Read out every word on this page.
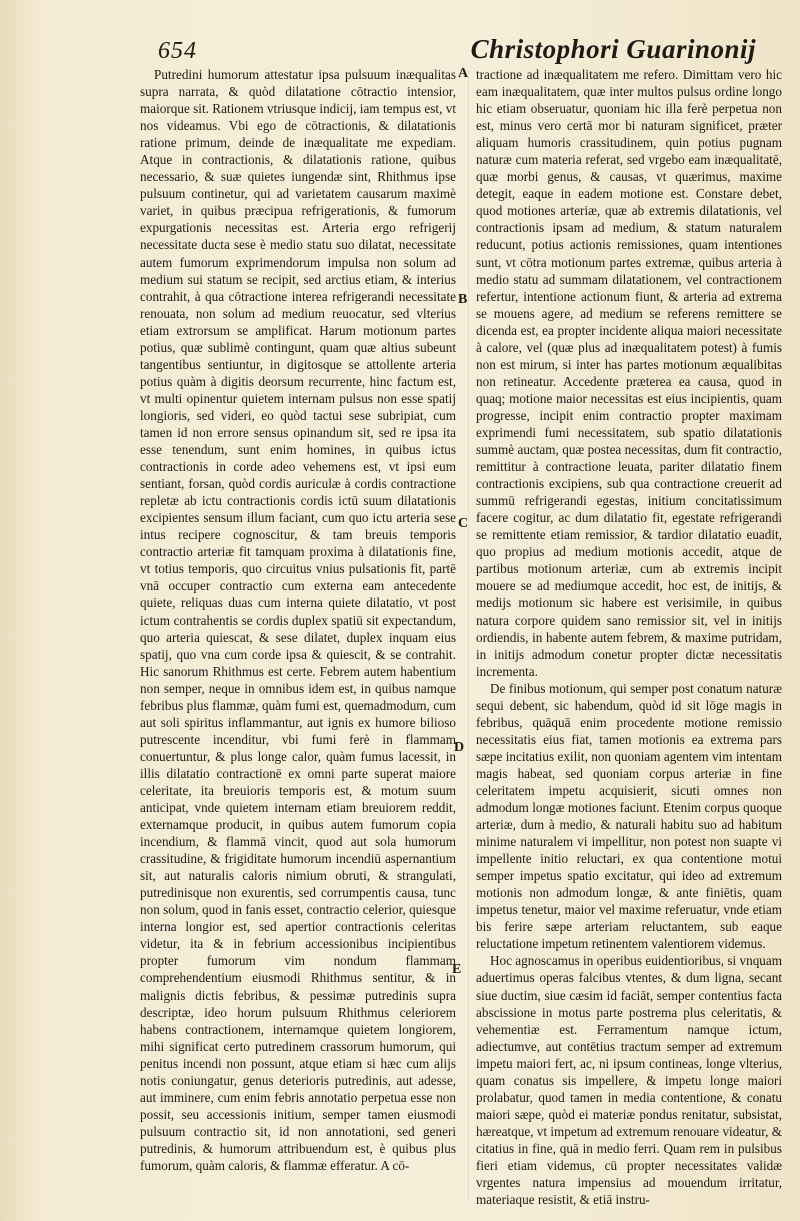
654	Christophori Guarinonij
A
B
C
D
E

Putredini humorum attestatur ipsa pulsuum inæqualitas supra narrata, & quòd dilatatione cōtractio intensior, maiorque sit. Rationem vtriusque indicij, iam tempus est, vt nos videamus. Vbi ego de cōtractionis, & dilatationis ratione primum, deinde de inæqualitate me expediam. Atque in contractionis, & dilatationis ratione, quibus necessario, & suæ quietes iungendæ sint, Rhithmus ipse pulsuum continetur, qui ad varietatem causarum maximè variet, in quibus præcipua refrigerationis, & fumorum expurgationis necessitas est. Arteria ergo refrigerij necessitate ducta sese è medio statu suo dilatat, necessitate autem fumorum exprimendorum impulsa non solum ad medium sui statum se recipit, sed arctius etiam, & interius contrahit, à qua cōtractione interea refrigerandi necessitate renouata, non solum ad medium reuocatur, sed vlterius etiam extrorsum se amplificat. Harum motionum partes potius, quæ sublimè contingunt, quam quæ altius subeunt tangentibus sentiuntur, in digitosque se attollente arteria potius quàm à digitis deorsum recurrente, hinc factum est, vt multi opinentur quietem internam pulsus non esse spatij longioris, sed videri, eo quòd tactui sese subripiat, cum tamen id non errore sensus opinandum sit, sed re ipsa ita esse tenendum, sunt enim homines, in quibus ictus contractionis in corde adeo vehemens est, vt ipsi eum sentiant, forsan, quòd cordis auriculæ à cordis contractione repletæ ab ictu contractionis cordis ictū suum dilatationis excipientes sensum illum faciant, cum quo ictu arteria sese intus recipere cognoscitur, & tam breuis temporis contractio arteriæ fit tamquam proxima à dilatationis fine, vt totius temporis, quo circuitus vnius pulsationis fit, partē vnā occuper contractio cum externa eam antecedente quiete, reliquas duas cum interna quiete dilatatio, vt post ictum contrahentis se cordis duplex spatiū sit expectandum, quo arteria quiescat, & sese dilatet, duplex inquam eius spatij, quo vna cum corde ipsa & quiescit, & se contrahit. Hic sanorum Rhithmus est certe. Febrem autem habentium non semper, neque in omnibus idem est, in quibus namque febribus plus flammæ, quàm fumi est, quemadmodum, cum aut soli spiritus inflammantur, aut ignis ex humore bilioso putrescente incenditur, vbi fumi ferè in flammam conuertuntur, & plus longe calor, quàm fumus lacessit, in illis dilatatio contractionē ex omni parte superat maiore celeritate, ita breuioris temporis est, & motum suum anticipat, vnde quietem internam etiam breuiorem reddit, externamque producit, in quibus autem fumorum copia incendium, & flammā vincit, quod aut sola humorum crassitudine, & frigiditate humorum incendiū aspernantium sit, aut naturalis caloris nimium obruti, & strangulati, putredinisque non exurentis, sed corrumpentis causa, tunc non solum, quod in fanis esset, contractio celerior, quiesque interna longior est, sed apertior contractionis celeritas videtur, ita & in febrium accessionibus incipientibus propter fumorum vim nondum flammam comprehendentium eiusmodi Rhithmus sentitur, & in malignis dictis febribus, & pessimæ putredinis supra descriptæ, ideo horum pulsuum Rhithmus celeriorem habens contractionem, internamque quietem longiorem, mihi significat certo putredinem crassorum humorum, qui penitus incendi non possunt, atque etiam si hæc cum alijs notis coniungatur, genus deterioris putredinis, aut adesse, aut imminere, cum enim febris annotatio perpetua esse non possit, seu accessionis initium, semper tamen eiusmodi pulsuum contractio sit, id non annotationi, sed generi putredinis, & humorum attribuendum est, è quibus plus fumorum, quàm caloris, & flammæ efferatur. A cō-

tractione ad inæqualitatem me refero. Dimittam vero hic eam inæqualitatem, quæ inter multos pulsus ordine longo hic etiam obseruatur, quoniam hic illa ferè perpetua non est, minus vero certā mor bi naturam significet, præter aliquam humoris crassitudinem, quin potius pugnam naturæ cum materia referat, sed vrgebo eam inæqualitatē, quæ morbi genus, & causas, vt quærimus, maxime detegit, eaque in eadem motione est. Constare debet, quod motiones arteriæ, quæ ab extremis dilatationis, vel contractionis ipsam ad medium, & statum naturalem reducunt, potius actionis remissiones, quam intentiones sunt, vt cōtra motionum partes extremæ, quibus arteria à medio statu ad summam dilatationem, vel contractionem refertur, intentione actionum fiunt, & arteria ad extrema se mouens agere, ad medium se referens remittere se dicenda est, ea propter incidente aliqua maiori necessitate à calore, vel (quæ plus ad inæqualitatem potest) à fumis non est mirum, si inter has partes motionum æqualibitas non retineatur. Accedente præterea ea causa, quod in quaq; motione maior necessitas est eius incipientis, quam progresse, incipit enim contractio propter maximam exprimendi fumi necessitatem, sub spatio dilatationis summè auctam, quæ postea necessitas, dum fit contractio, remittitur à contractione leuata, pariter dilatatio finem contractionis excipiens, sub qua contractione creuerit ad summū refrigerandi egestas, initium concitatissimum facere cogitur, ac dum dilatatio fit, egestate refrigerandi se remittente etiam remissior, & tardior dilatatio euadit, quo propius ad medium motionis accedit, atque de partibus motionum arteriæ, cum ab extremis incipit mouere se ad mediumque accedit, hoc est, de initijs, & medijs motionum sic habere est verisimile, in quibus natura corpore quidem sano remissior sit, vel in initijs ordiendis, in habente autem febrem, & maxime putridam, in initijs admodum conetur propter dictæ necessitatis incrementa.

De finibus motionum, qui semper post conatum naturæ sequi debent, sic habendum, quòd id sit lōge magis in febribus, quāquā enim procedente motione remissio necessitatis eius fiat, tamen motionis ea extrema pars sæpe incitatius exilit, non quoniam agentem vim intentam magis habeat, sed quoniam corpus arteriæ in fine celeritatem impetu acquisierit, sicuti omnes non admodum longæ motiones faciunt. Etenim corpus quoque arteriæ, dum à medio, & naturali habitu suo ad habitum minime naturalem vi impellitur, non potest non suapte vi impellente initio reluctari, ex qua contentione motui semper impetus spatio excitatur, qui ideo ad extremum motionis non admodum longæ, & ante finiētis, quam impetus tenetur, maior vel maxime referuatur, vnde etiam bis ferire sæpe arteriam reluctantem, sub eaque reluctatione impetum retinentem valentiorem videmus.

Hoc agnoscamus in operibus euidentioribus, si vnquam aduertimus operas falcibus vtentes, & dum ligna, secant siue ductim, siue cæsim id faciāt, semper contentius facta abscissione in motus parte postrema plus celeritatis, & vehementiæ est. Ferramentum namque ictum, adiectumve, aut contētius tractum semper ad extremum impetu maiori fert, ac, ni ipsum contineas, longe vlterius, quam conatus sis impellere, & impetu longe maiori prolabatur, quod tamen in media contentione, & conatu maiori sæpe, quòd ei materiæ pondus renitatur, subsistat, hæreatque, vt impetum ad extremum renouare videatur, & citatius in fine, quā in medio ferri. Quam rem in pulsibus fieri etiam videmus, cū propter necessitates validæ vrgentes natura impensius ad mouendum irritatur, materiaque resistit, & etiā instru-
